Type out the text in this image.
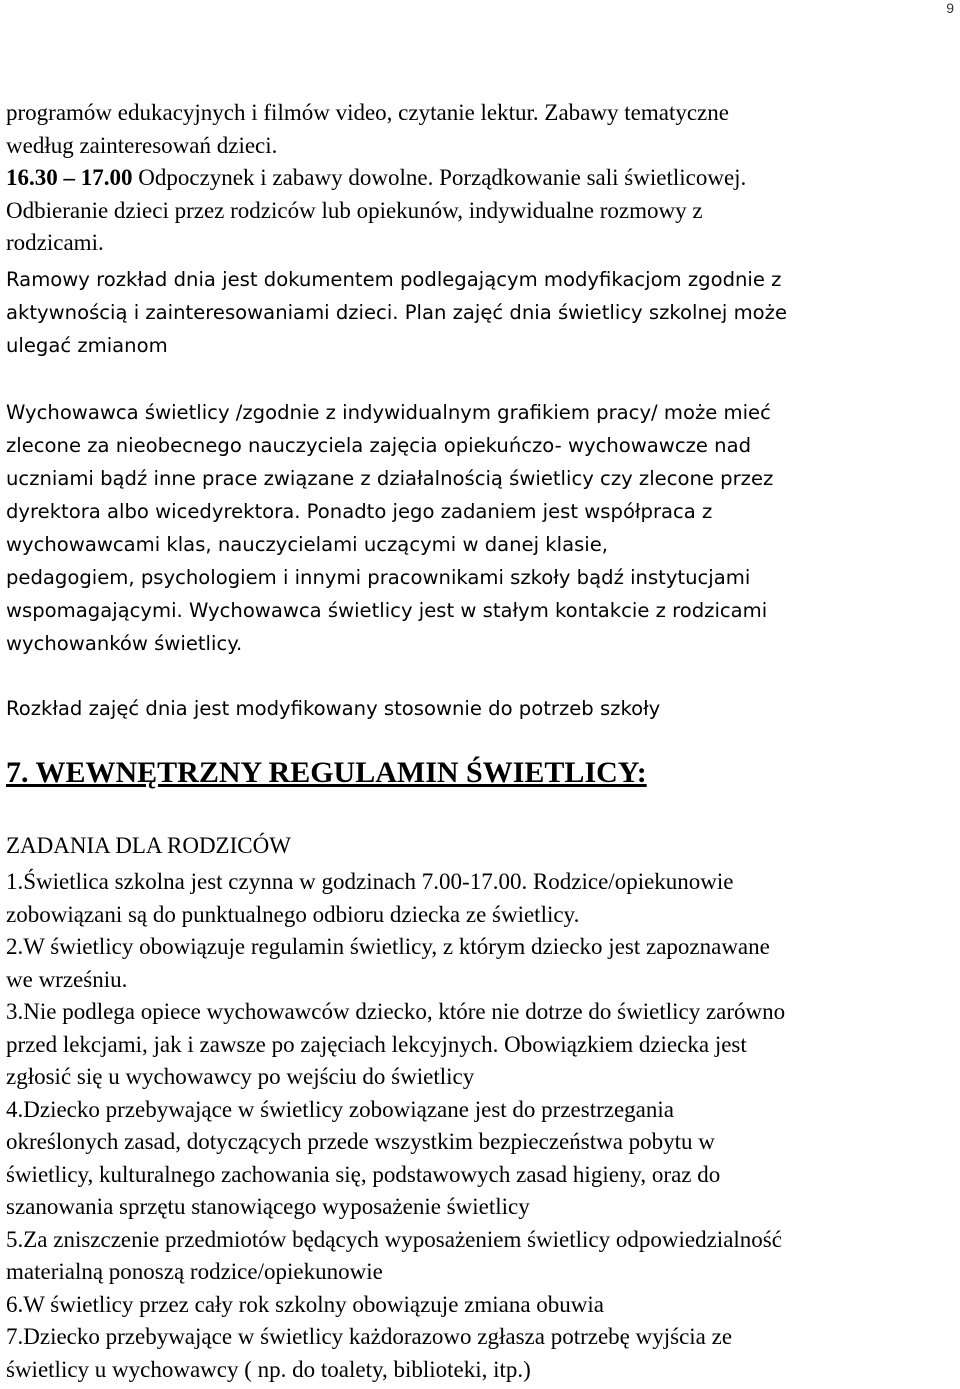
9
programów edukacyjnych i filmów video, czytanie lektur. Zabawy tematyczne
według zainteresowań dzieci.
16.30 – 17.00 Odpoczynek i zabawy dowolne. Porządkowanie sali świetlicowej.
Odbieranie dzieci przez rodziców lub opiekunów, indywidualne rozmowy z
rodzicami.
Ramowy rozkład dnia jest dokumentem podlegającym modyfikacjom zgodnie z
aktywnością i zainteresowaniami dzieci. Plan zajęć dnia świetlicy szkolnej może
ulegać zmianom
Wychowawca świetlicy /zgodnie z indywidualnym grafikiem pracy/ może mieć
zlecone za nieobecnego nauczyciela zajęcia opiekuńczo- wychowawcze nad
uczniami bądź inne prace związane z działalnością świetlicy czy zlecone przez
dyrektora albo wicedyrektora. Ponadto jego zadaniem jest współpraca z
wychowawcami klas, nauczycielami uczącymi w danej klasie,
pedagogiem, psychologiem i innymi pracownikami szkoły bądź instytucjami
wspomagającymi. Wychowawca świetlicy jest w stałym kontakcie z rodzicami
wychowanków świetlicy.
Rozkład zajęć dnia jest modyfikowany stosownie do potrzeb szkoły
7. WEWNĘTRZNY REGULAMIN ŚWIETLICY:
ZADANIA DLA RODZICÓW
1.Świetlica szkolna jest czynna w godzinach 7.00-17.00. Rodzice/opiekunowie
zobowiązani są do punktualnego odbioru dziecka ze świetlicy.
2.W świetlicy obowiązuje regulamin świetlicy, z którym dziecko jest zapoznawane
we wrześniu.
3.Nie podlega opiece wychowawców dziecko, które nie dotrze do świetlicy zarówno
przed lekcjami, jak i zawsze po zajęciach lekcyjnych. Obowiązkiem dziecka jest
zgłosić się u wychowawcy po wejściu do świetlicy
4.Dziecko przebywające w świetlicy zobowiązane jest do przestrzegania
określonych zasad, dotyczących przede wszystkim bezpieczeństwa pobytu w
świetlicy, kulturalnego zachowania się, podstawowych zasad higieny, oraz do
szanowania sprzętu stanowiącego wyposażenie świetlicy
5.Za zniszczenie przedmiotów będących wyposażeniem świetlicy odpowiedzialność
materialną ponoszą rodzice/opiekunowie
6.W świetlicy przez cały rok szkolny obowiązuje zmiana obuwia
7.Dziecko przebywające w świetlicy każdorazowo zgłasza potrzebę wyjścia ze
świetlicy u wychowawcy ( np. do toalety, biblioteki, itp.)
